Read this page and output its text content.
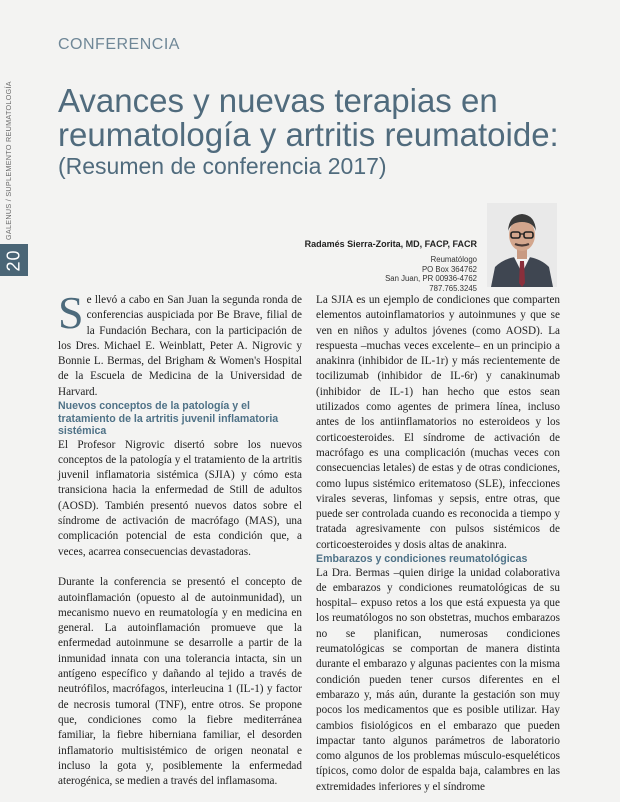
GALENUS / SUPLEMENTO REUMATOLOGÍA
20
CONFERENCIA
Avances y nuevas terapias en reumatología y artritis reumatoide:
(Resumen de conferencia 2017)
Radamés Sierra-Zorita, MD, FACP, FACR
Reumatólogo
PO Box 364762
San Juan, PR 00936-4762
787.765.3245

Se llevó a cabo en San Juan la segunda ronda de conferencias auspiciada por Be Brave, filial de la Fundación Bechara, con la participación de los Dres. Michael E. Weinblatt, Peter A. Nigrovic y Bonnie L. Bermas, del Brigham & Women's Hospital de la Escuela de Medicina de la Universidad de Harvard.

Nuevos conceptos de la patología y el tratamiento de la artritis juvenil inflamatoria sistémica

El Profesor Nigrovic disertó sobre los nuevos conceptos de la patología y el tratamiento de la artritis juvenil inflamatoria sistémica (SJIA) y cómo esta transiciona hacia la enfermedad de Still de adultos (AOSD). También presentó nuevos datos sobre el síndrome de activación de macrófago (MAS), una complicación potencial de esta condición que, a veces, acarrea consecuencias devastadoras.

Durante la conferencia se presentó el concepto de autoinflamación (opuesto al de autoinmunidad), un mecanismo nuevo en reumatología y en medicina en general. La autoinflamación promueve que la enfermedad autoinmune se desarrolle a partir de la inmunidad innata con una tolerancia intacta, sin un antígeno específico y dañando al tejido a través de neutrófilos, macrófagos, interleucina 1 (IL-1) y factor de necrosis tumoral (TNF), entre otros. Se propone que, condiciones como la fiebre mediterránea familiar, la fiebre hiberniana familiar, el desorden inflamatorio multisistémico de origen neonatal e incluso la gota y, posiblemente la enfermedad aterogénica, se medien a través del inflamasoma.

La SJIA es un ejemplo de condiciones que comparten elementos autoinflamatorios y autoinmunes y que se ven en niños y adultos jóvenes (como AOSD). La respuesta –muchas veces excelente– en un principio a anakinra (inhibidor de IL-1r) y más recientemente de tocilizumab (inhibidor de IL-6r) y canakinumab (inhibidor de IL-1) han hecho que estos sean utilizados como agentes de primera línea, incluso antes de los antiinflamatorios no esteroideos y los corticoesteroides. El síndrome de activación de macrófago es una complicación (muchas veces con consecuencias letales) de estas y de otras condiciones, como lupus sistémico eritematoso (SLE), infecciones virales severas, linfomas y sepsis, entre otras, que puede ser controlada cuando es reconocida a tiempo y tratada agresivamente con pulsos sistémicos de corticoesteroides y dosis altas de anakinra.

Embarazos y condiciones reumatológicas

La Dra. Bermas –quien dirige la unidad colaborativa de embarazos y condiciones reumatológicas de su hospital– expuso retos a los que está expuesta ya que los reumatólogos no son obstetras, muchos embarazos no se planifican, numerosas condiciones reumatológicas se comportan de manera distinta durante el embarazo y algunas pacientes con la misma condición pueden tener cursos diferentes en el embarazo y, más aún, durante la gestación son muy pocos los medicamentos que es posible utilizar. Hay cambios fisiológicos en el embarazo que pueden impactar tanto algunos parámetros de laboratorio como algunos de los problemas músculo-esqueléticos típicos, como dolor de espalda baja, calambres en las extremidades inferiores y el síndrome
